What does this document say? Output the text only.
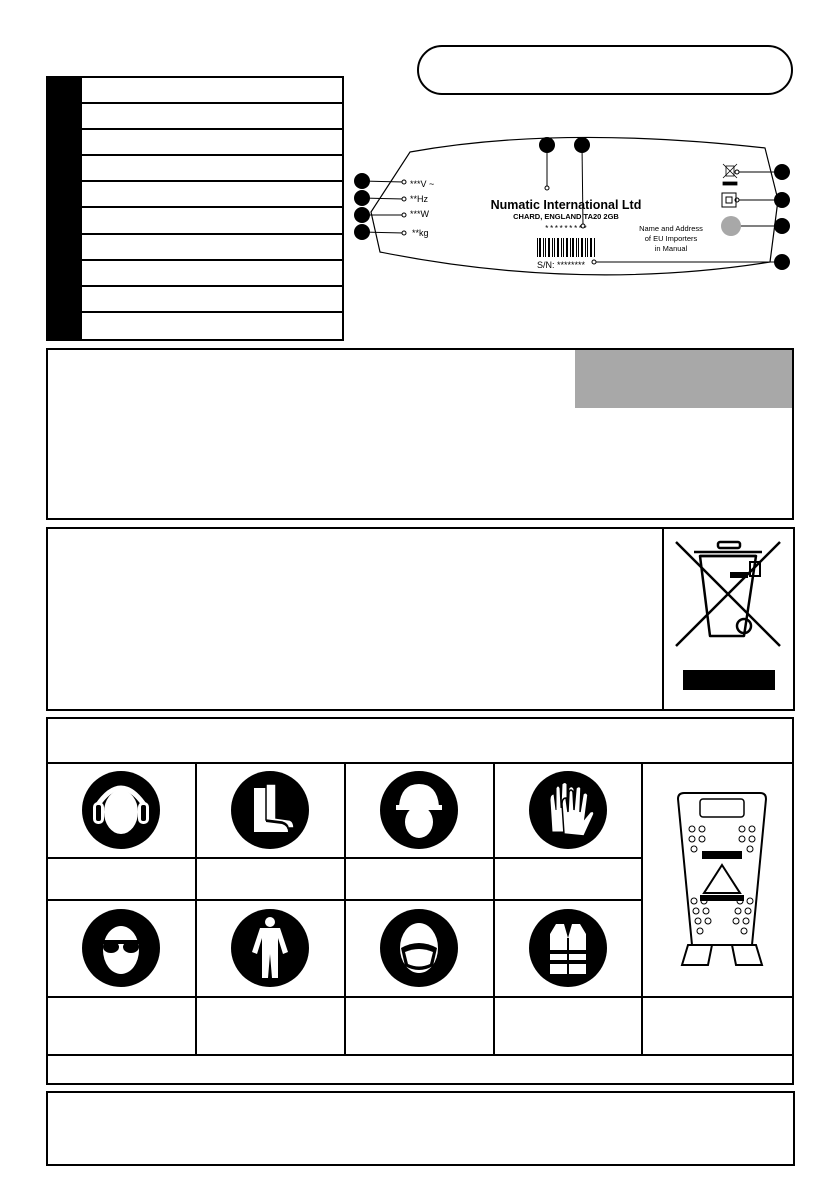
Numatic International Ltd
CHARD, ENGLAND TA20 2GB
*********
***V ~
**Hz
***W
**kg
S/N: ********
Name and Address
of EU Importers
in Manual
